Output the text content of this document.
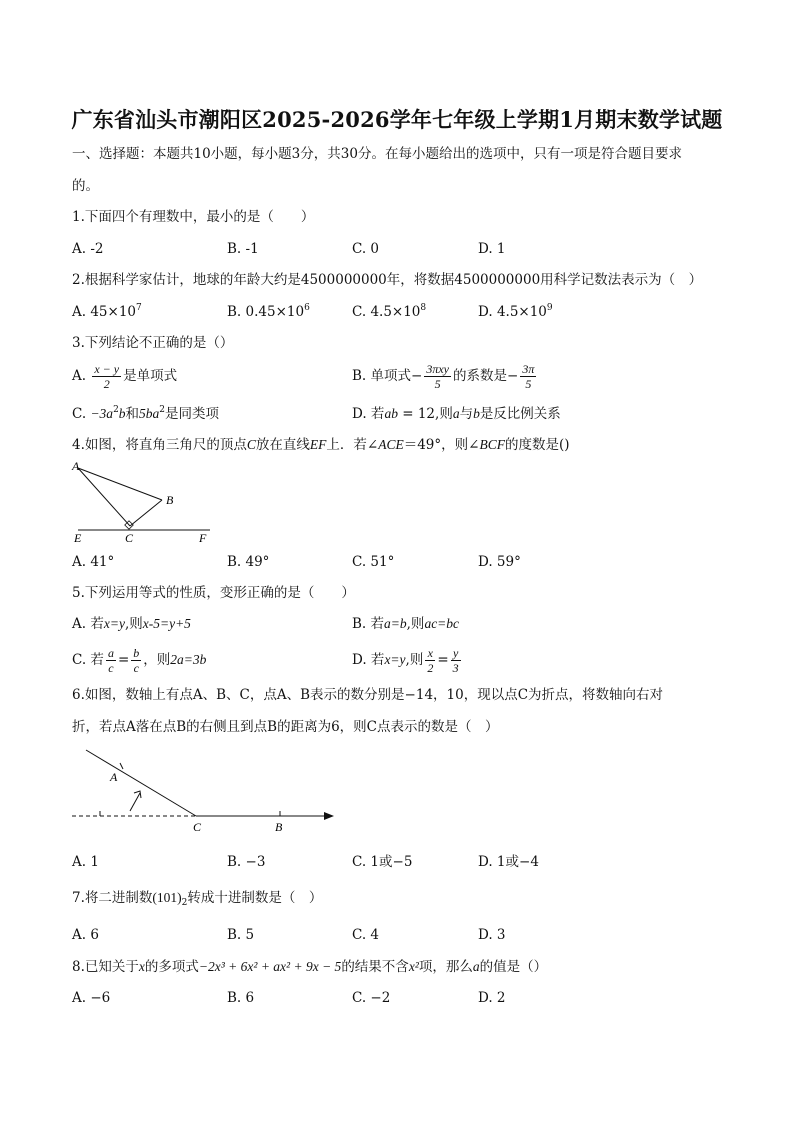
广东省汕头市潮阳区2025-2026学年七年级上学期1月期末数学试题
一、选择题：本题共10小题，每小题3分，共30分。在每小题给出的选项中，只有一项是符合题目要求
的。
1.下面四个有理数中，最小的是（　　）
A. -2	B. -1	C. 0	D. 1
2.根据科学家估计，地球的年龄大约是4500000000年，将数据4500000000用科学记数法表示为（　）
A. $45\times 10^7$	B. $0.45\times 10^6$	C. $4.5\times 10^8$	D. $4.5\times 10^9$
3.下列结论不正确的是（）
A. $\frac{x - y}{2}$ 是单项式	B. 单项式− $\frac{\text{3πxy}}{5}$ 的系数是− $\frac{3\pi}{5}$
C. $-3a^2b$和$5ba^2$是同类项	D. 若ab = 12,则a与b是反比例关系
4.如图，将直角三角尺的顶点C放在直线EF上．若∠ACE＝49°，则∠BCF的度数是()
A
B
C
E	F
A. 41°	B. 49°	C. 51°	D. 59°
5.下列运用等式的性质，变形正确的是（　　）
A. 若x=y,则x-5=y+5	B. 若a=b,则ac=bc
C. 若 $\frac{a}{c} = \frac{b}{c}$ ，则2a=3b	D. 若x=y,则 $\frac{x}{2} = \frac{y}{3}$
6.如图，数轴上有点A、B、C，点A、B表示的数分别是−14，10，现以点C为折点，将数轴向右对
折，若点A落在点B的右侧且到点B的距离为6，则C点表示的数是（　）
A
C	B
A. 1	B. −3	C. 1或−5	D. 1或−4
7.将二进制数$(101)_2$转成十进制数是（　）
A. 6	B. 5	C. 4	D. 3
8.已知关于x的多项式−2x³ + 6x² + ax² + 9x − 5的结果不含x²项，那么a的值是（）
A. −6	B. 6	C. −2	D. 2
